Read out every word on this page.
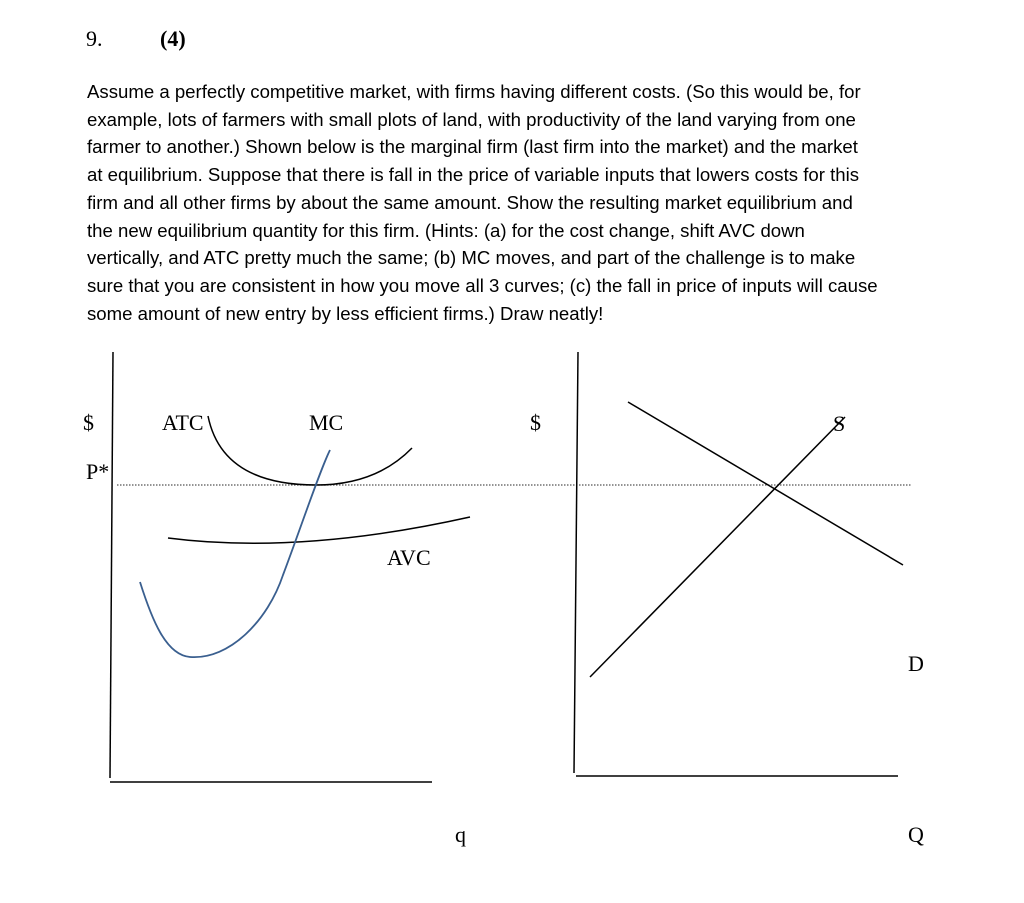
9.	(4)

Assume a perfectly competitive market, with firms having different costs. (So this would be, for
example, lots of farmers with small plots of land, with productivity of the land varying from one
farmer to another.) Shown below is the marginal firm (last firm into the market) and the market
at equilibrium. Suppose that there is fall in the price of variable inputs that lowers costs for this
firm and all other firms by about the same amount. Show the resulting market equilibrium and
the new equilibrium quantity for this firm. (Hints: (a) for the cost change, shift AVC down
vertically, and ATC pretty much the same; (b) MC moves, and part of the challenge is to make
sure that you are consistent in how you move all 3 curves; (c) the fall in price of inputs will cause
some amount of new entry by less efficient firms.) Draw neatly!

$
P*
ATC	MC
AVC
q
$	S
D
Q
